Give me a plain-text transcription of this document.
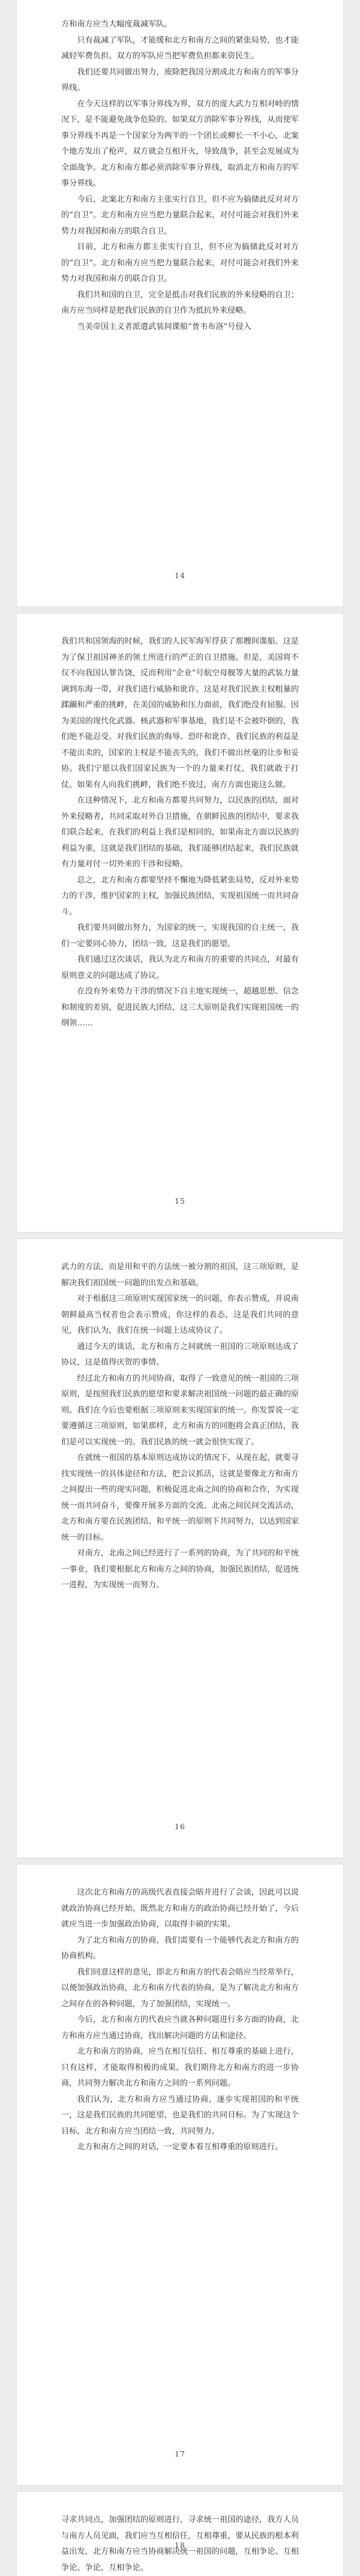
方和南方应当大幅度裁减军队。

只有裁减了军队，才能缓和北方和南方之间的紧张局势，也才能减轻军费负担。双方的军队应当把军费负担都来资民生。

我们还要共同做出努力，废除把我国分割成北方和南方的军事分界线。

在今天这样的以军事分界线为界，双方的庞大武力互相对峙的情况下，是不能避免战争危险的。如果双方消除军事分界线，从而使军事分界线不再是一个国家分为两半的一个团长或柳长一不小心，北案个地方发出了枪声，双方就会互相开火，导致战争，甚至会发展成为全面战争。北方和南方都必须消除军事分界线，取消北方和南方的军事分界线。

今后，北案北方和南方主张实行自卫，但不应为搞储此反对对方的“自卫”。北方和南方应当把力量联合起来，对付可能会对我们外来势力对我国和南方的联合自卫。

目前，北方和南方都主张实行自卫，但不应为搞储此反对对方的“自卫”。北方和南方应当把力量联合起来，对付可能会对我们外来势力对我国和南方的联合自卫。

我们共和国的自卫，完全是抵击对我们民族的外来侵略的自卫；南方应当同样是把我们民族的自卫作为抵抗外来侵略。

当美帝国主义者派遣武装间谍船“普韦布洛”号侵入

14

我们共和国领海的时候，我们的人民军海军俘获了那艘间谍船。这是为了保卫祖国神圣的领土所进行的严正的自卫措施。但是，美国将不仅不向我国认罪告饶，反而利用“企业”号航空母舰等大量的武装力量调到东海一带，对我们进行威胁和讹诈。这是对我们民族主权粗暴的蹂躏和严重的挑衅，在美国的威胁和压力面前，我们绝没有屈服。因为美国的现代化武器、核武器和军事基地，我们是不会被吓倒的，我们绝不能忍受。对我们民族的侮辱、恐吓和讹诈，我们民族的利益是不能出卖的，国家的主权是不能丧失的，我们不做出丝毫的让步和妥协。我们宁愿以我们国家民族为一个的力量来打仗，我们就敢于打仗。如果有人向我们挑衅，我们绝不放过，南方方面也能这么做。

在这种情况下，北方和南方都要共同努力，以民族的团结，面对外来侵略者，共同采取对外自卫措施，在朝鲜民族的团结中，要求我们联合起来，在我们的利益上我们是相同的，如果南北方面以民族的利益为重，这就是我们团结的基础，我们能够团结起来，我们民族就有力量对付一切外来的干涉和侵略。

总之，北方和南方都要坚持不懈地为降低紧张局势，反对外来势力的干涉，维护国家的主权，加强民族团结，实现祖国统一而共同奋斗。

我们要共同做出努力，为国家的统一，实现我国的自主统一，我们一定要同心协力，团结一致，这是我们的愿望。

我们通过这次谈话，我认为北方和南方的重要的共同点，对最有原则意义的问题达成了协议。

在没有外来势力干涉的情况下自主地实现统一，超越思想、信念和制度的差别，促进民族大团结，这三大原则是我们实现祖国统一的纲领……

15

武力的方法，而是用和平的方法统一被分割的祖国，这三项原则，是解决我们祖国统一问题的出发点和基础。

对于根据这三项原则实现国家统一的问题，你表示赞成，并说南朝鲜最高当权者也会表示赞成，你这样的表态，这是我们共同的意见，我们认为，我们在统一问题上达成协议了。

通过今天的谈话，北方和南方之间就统一祖国的三项原则达成了协议，这是值得庆贺的事情。

经过北方和南方的共同协商，取得了一致意见的统一祖国的三项原则，是按照我们民族的愿望和要求解决祖国统一问题的最正确的原则。我们在今后也要根据三项原则来实现国家的统一。你发誓说一定要遵循这三项原则，如果那样，北方和南方的同胞将会真正团结，我们是可以实现统一的。我们民族的统一就会很快实现了。

在就统一祖国的基本原则达成协议的情况下，从现在起，就要寻找实现统一的具体途径和方法，把会议抓活，这就是要像北方和南方之间提出一些的现实问题，积极促进北南之间的协商和合作，为实现统一而共同奋斗，要像开展多方面的交流、北南之间民间交流活动，北方和南方要在民族团结、和平统一的原则下共同努力，以达到国家统一的目标。

对南方，北南之间已经进行了一系列的协商，为了共同的和平统一事业，我们要根据北方和南方之间的协商，加强民族团结，促进统一进程，为实现统一而努力。

16

这次北方和南方的高级代表直接会晤并进行了会谈，因此可以说就政治协商已经开始。既然北方和南方的政治协商已经开始了，今后就应当进一步加强政治协商，以取得丰硕的实果。

为了北方和南方的协商，我们需要有一个能够代表北方和南方的协商机构。

我们同意这样的意见，即北方和南方的代表会晤应当经常举行，以便加强政治协商，北方和南方代表的协商，是为了解决北方和南方之间存在的各种问题，为了加强团结，实现统一。

今后，北方和南方的代表应当就各种问题进行多方面的协商，北方和南方应当通过协商，找出解决问题的方法和途径。

北方和南方的协商，应当在相互信任、相互尊重的基础上进行，只有这样，才能取得积极的成果。我们期待北方和南方的进一步协商，共同努力解决北方和南方之间的一系列问题。

我们认为，北方和南方应当通过协商，逐步实现祖国的和平统一，这是我们民族的共同愿望，也是我们的共同目标。为了实现这个目标，北方和南方应当团结一致，共同努力。

北方和南方之间的对话，一定要本着互相尊重的原则进行。

17

寻求共同点，加强团结的原则进行，寻求统一祖国的途径，我方人员与南方人员见面，我们应当互相信任，互相尊重，要从民族的根本利益出发，北方和南方应当协商解决统一祖国的问题，互相争论、互相争论、争论，互相争论。

18
